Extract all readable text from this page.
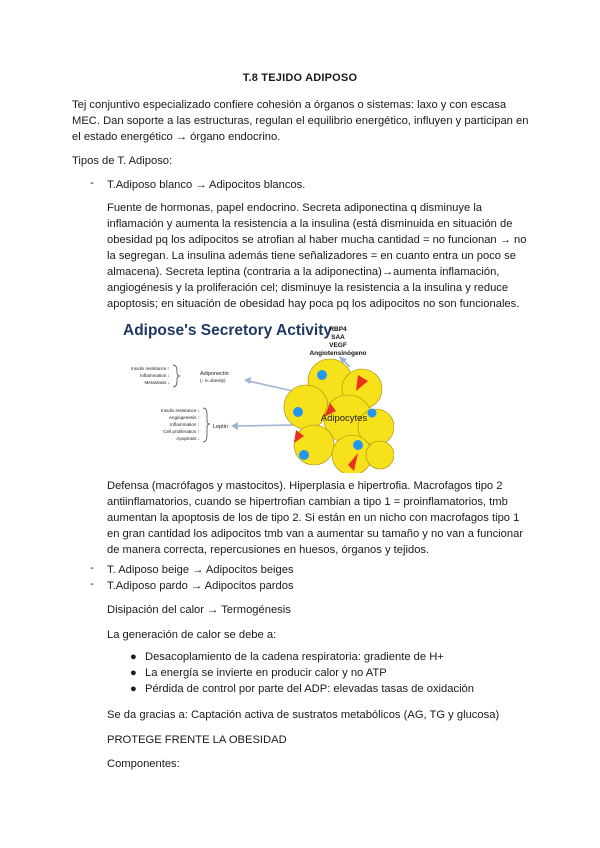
T.8 TEJIDO ADIPOSO

Tej conjuntivo especializado confiere cohesión a órganos o sistemas: laxo y con escasa MEC. Dan soporte a las estructuras, regulan el equilibrio energético, influyen y participan en el estado energético → órgano endocrino.

Tipos de T. Adiposo:

- T.Adiposo blanco → Adipocitos blancos.

Fuente de hormonas, papel endocrino. Secreta adiponectina q disminuye la inflamación y aumenta la resistencia a la insulina (está disminuida en situación de obesidad pq los adipocitos se atrofian al haber mucha cantidad = no funcionan → no la segregan. La insulina además tiene señalizadores = en cuanto entra un poco se almacena). Secreta leptina (contraria a la adiponectina)→aumenta inflamación, angiogénesis y la proliferación cel; disminuye la resistencia a la insulina y reduce apoptosis; en situación de obesidad hay poca pq los adipocitos no son funcionales.

Adipose's Secretory Activity
RBP4
SAA
VEGF
Angiotensinógeno
Insulin resistance ↑
Inflammation ↓
Metastasis ↓
Adiponectin
(↓ in obesity)
Insulin resistance ↓
Angiogenesis ↑
Inflammation ↑
Cell proliferation ↑
Apoptosis ↓
Leptin
Adipocytes

Defensa (macrófagos y mastocitos). Hiperplasia e hipertrofia. Macrofagos tipo 2 antiinflamatorios, cuando se hipertrofian cambian a tipo 1 = proinflamatorios, tmb aumentan la apoptosis de los de tipo 2. Si están en un nicho con macrofagos tipo 1 en gran cantidad los adipocitos tmb van a aumentar su tamaño y no van a funcionar de manera correcta, repercusiones en huesos, órganos y tejidos.

- T. Adiposo beige → Adipocitos beiges

- T.Adiposo pardo → Adipocitos pardos

Disipación del calor → Termogénesis

La generación de calor se debe a:

● Desacoplamiento de la cadena respiratoria: gradiente de H+

● La energía se invierte en producir calor y no ATP

● Pérdida de control por parte del ADP: elevadas tasas de oxidación

Se da gracias a: Captación activa de sustratos metabólicos (AG, TG y glucosa)

PROTEGE FRENTE LA OBESIDAD

Componentes:
